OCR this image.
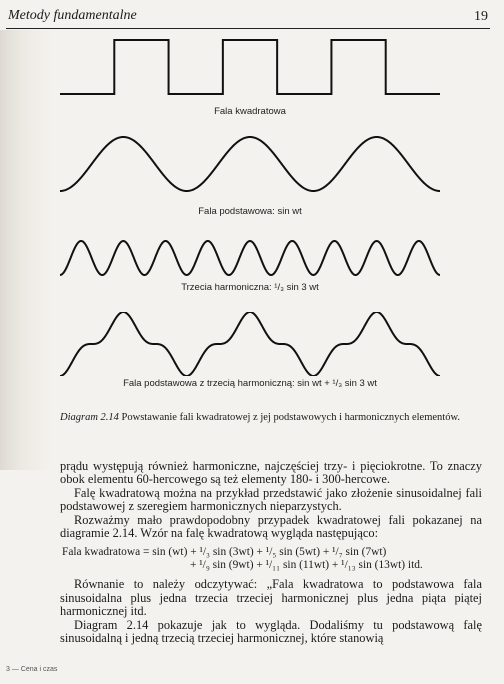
Metody fundamentalne	19
Fala kwadratowa
Fala podstawowa: sin wt
Trzecia harmoniczna: ¹/₃ sin 3 wt
Fala podstawowa z trzecią harmoniczną: sin wt + ¹/₃ sin 3 wt
Diagram 2.14 Powstawanie fali kwadratowej z jej podstawowych i harmonicznych elementów.

prądu występują również harmoniczne, najczęściej trzy- i pięciokrotne. To znaczy obok elementu 60-hercowego są też elementy 180- i 300-hercowe.

Falę kwadratową można na przykład przedstawić jako złożenie sinusoidalnej fali podstawowej z szeregiem harmonicznych nieparzystych.

Rozważmy mało prawdopodobny przypadek kwadratowej fali pokazanej na diagramie 2.14. Wzór na falę kwadratową wygląda następująco:

Fala kwadratowa = sin (wt) + ¹/₃ sin (3wt) + ¹/₅ sin (5wt) + ¹/₇ sin (7wt)
+ ¹/₉ sin (9wt) + ¹/₁₁ sin (11wt) + ¹/₁₃ sin (13wt) itd.

Równanie to należy odczytywać: „Fala kwadratowa to podstawowa fala sinusoidalna plus jedna trzecia trzeciej harmonicznej plus jedna piąta piątej harmonicznej itd.

Diagram 2.14 pokazuje jak to wygląda. Dodaliśmy tu podstawową falę sinusoidalną i jedną trzecią trzeciej harmonicznej, które stanowią

3 — Cena i czas
